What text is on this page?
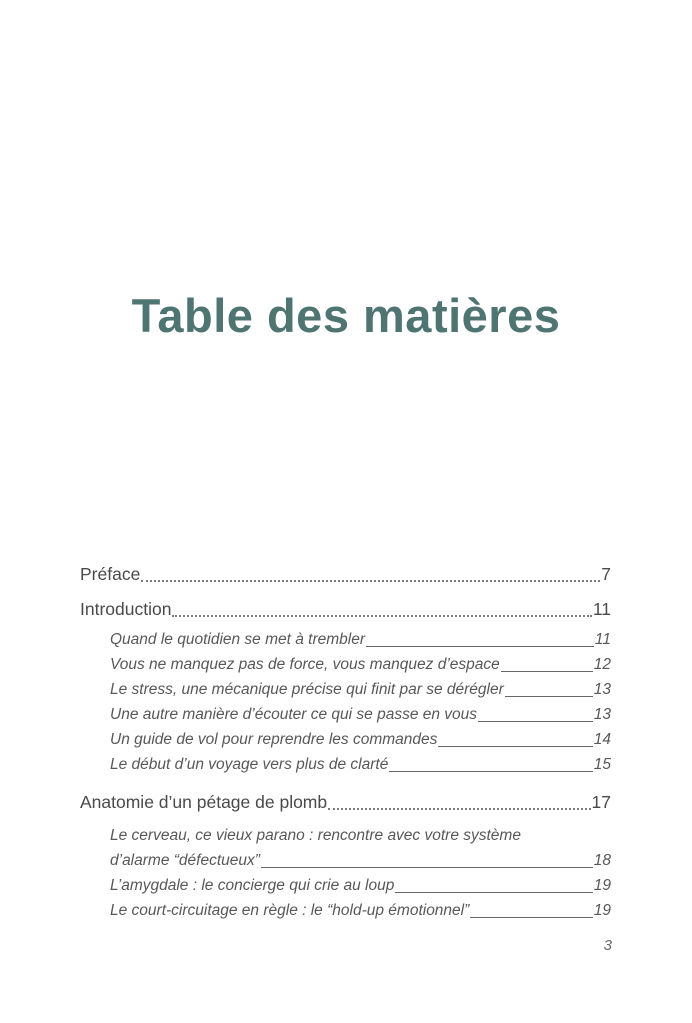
Table des matières
Préface	7
Introduction	11
Quand le quotidien se met à trembler	11
Vous ne manquez pas de force, vous manquez d’espace	12
Le stress, une mécanique précise qui finit par se dérégler	13
Une autre manière d’écouter ce qui se passe en vous	13
Un guide de vol pour reprendre les commandes	14
Le début d’un voyage vers plus de clarté	15
Anatomie d’un pétage de plomb	17
Le cerveau, ce vieux parano : rencontre avec votre système
d’alarme “défectueux”	18
L’amygdale : le concierge qui crie au loup	19
Le court-circuitage en règle : le “hold-up émotionnel”	19
3
